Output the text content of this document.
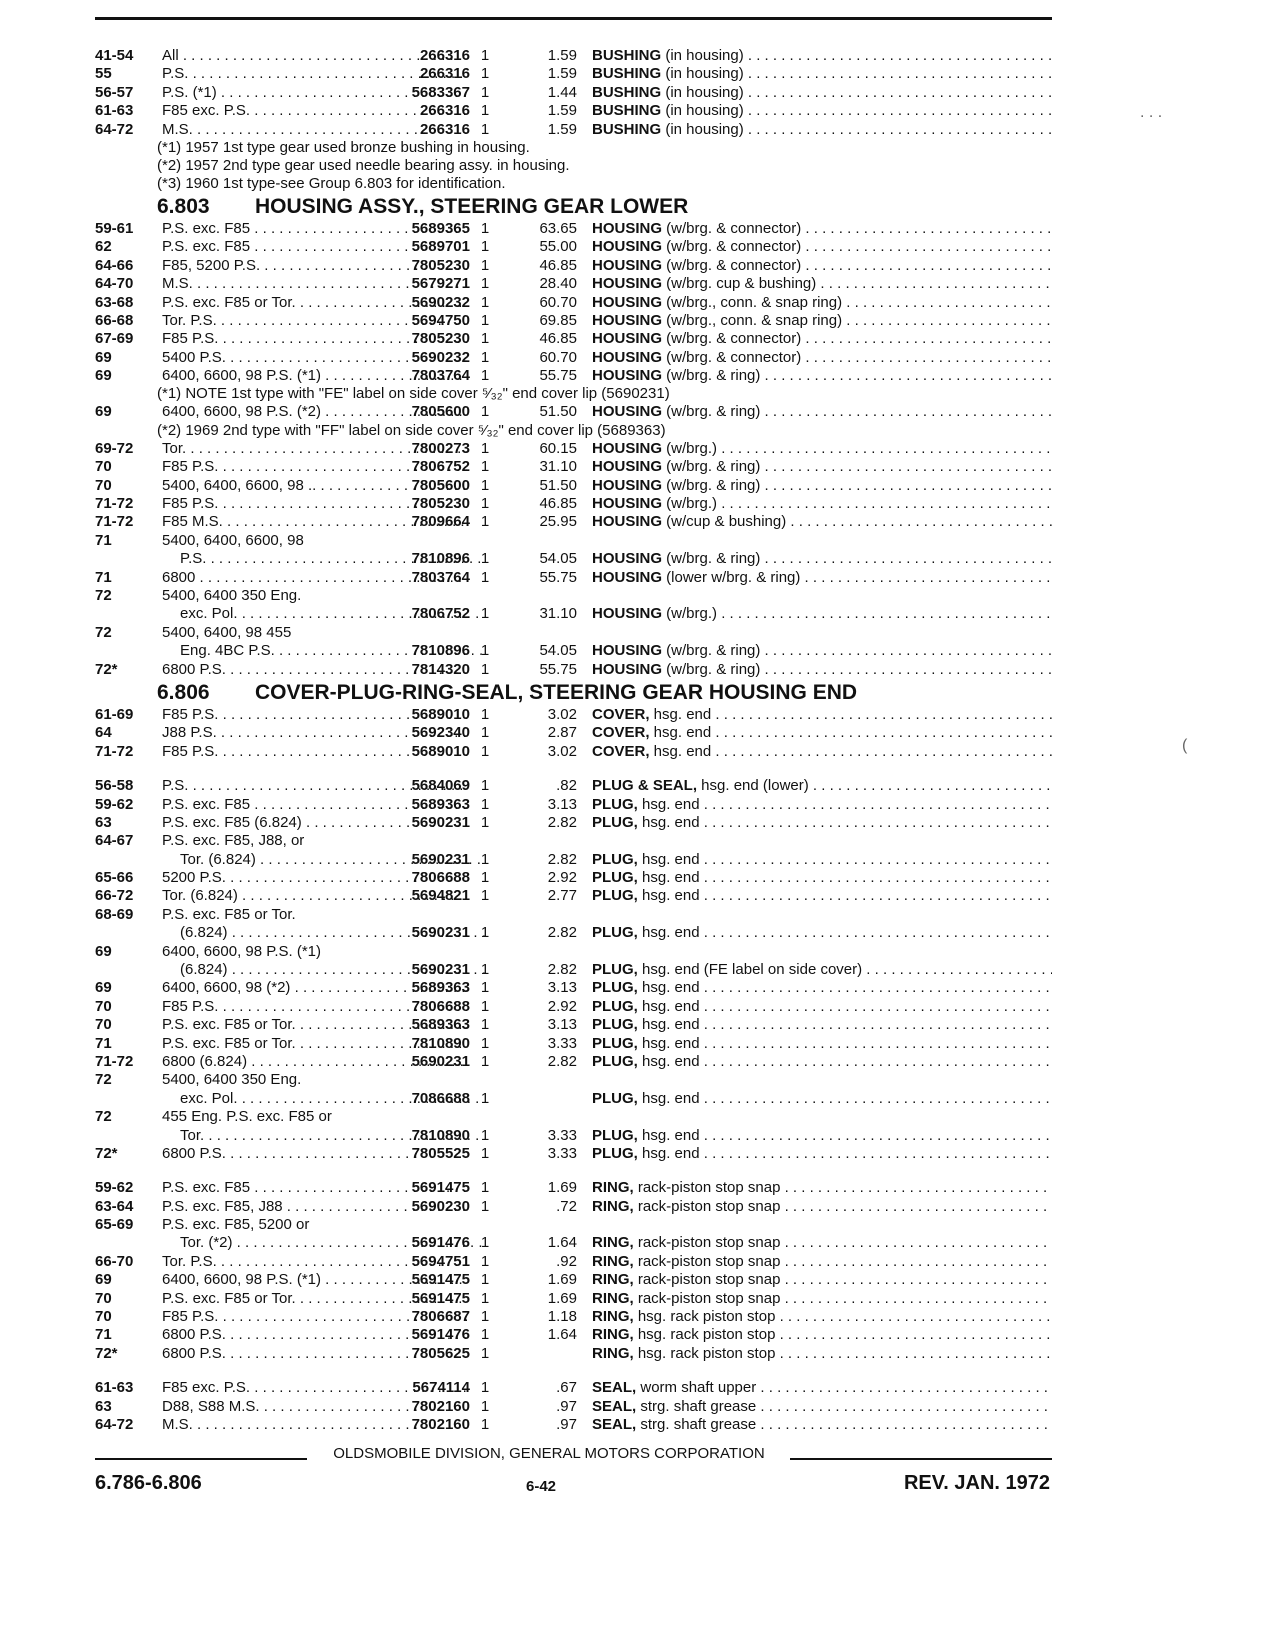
41-54	All . . .	266316 1	1.59 BUSHING (in housing) . . .
55	P.S. . . .	266316 1	1.59 BUSHING (in housing) . . .
56-57	P.S. (*1) . . .	5683367 1	1.44 BUSHING (in housing) . . .
61-63	F85 exc. P.S. . . .	266316 1	1.59 BUSHING (in housing) . . .
64-72	M.S. . . .	266316 1	1.59 BUSHING (in housing) . . .
(*1) 1957 1st type gear used bronze bushing in housing.
(*2) 1957 2nd type gear used needle bearing assy. in housing.
(*3) 1960 1st type-see Group 6.803 for identification.
6.803 HOUSING ASSY., STEERING GEAR LOWER
59-61	P.S. exc. F85 . . .	5689365 1	63.65 HOUSING (w/brg. & connector) . . .
62	P.S. exc. F85 . . .	5689701 1	55.00 HOUSING (w/brg. & connector) . . .
64-66	F85, 5200 P.S. . . .	7805230 1	46.85 HOUSING (w/brg. & connector) . . .
64-70	M.S. . . .	5679271 1	28.40 HOUSING (w/brg. cup & bushing) . . .
63-68	P.S. exc. F85 or Tor. . . .	5690232 1	60.70 HOUSING (w/brg., conn. & snap ring) . . .
66-68	Tor. P.S. . . .	5694750 1	69.85 HOUSING (w/brg., conn. & snap ring) . . .
67-69	F85 P.S. . . .	7805230 1	46.85 HOUSING (w/brg. & connector) . . .
69	5400 P.S. . . .	5690232 1	60.70 HOUSING (w/brg. & connector) . . .
69	6400, 6600, 98 P.S. (*1) . . .	7803764 1	55.75 HOUSING (w/brg. & ring) . . .
(*1) NOTE 1st type with "FE" label on side cover ⁵⁄₃₂" end cover lip (5690231)
69	6400, 6600, 98 P.S. (*2) . . .	7805600 1	51.50 HOUSING (w/brg. & ring) . . .
(*2) 1969 2nd type with "FF" label on side cover ⁵⁄₃₂" end cover lip (5689363)
69-72	Tor. . . .	7800273 1	60.15 HOUSING (w/brg.) . . .
70	F85 P.S. . . .	7806752 1	31.10 HOUSING (w/brg. & ring) . . .
70	5400, 6400, 6600, 98 .. . . .	7805600 1	51.50 HOUSING (w/brg. & ring) . . .
71-72	F85 P.S. . . .	7805230 1	46.85 HOUSING (w/brg.) . . .
71-72	F85 M.S. . . .	7809664 1	25.95 HOUSING (w/cup & bushing) . . .
71	5400, 6400, 6600, 98
P.S. . . .	7810896 1	54.05 HOUSING (w/brg. & ring) . . .
71	6800 . . .	7803764 1	55.75 HOUSING (lower w/brg. & ring) . . .
72	5400, 6400 350 Eng.
exc. Pol. . . .	7806752 1	31.10 HOUSING (w/brg.) . . .
72	5400, 6400, 98 455
Eng. 4BC P.S. . . .	7810896 1	54.05 HOUSING (w/brg. & ring) . . .
72*	6800 P.S. . . .	7814320 1	55.75 HOUSING (w/brg. & ring) . . .
6.806 COVER-PLUG-RING-SEAL, STEERING GEAR HOUSING END
61-69	F85 P.S. . . .	5689010 1	3.02 COVER, hsg. end . . .
64	J88 P.S. . . .	5692340 1	2.87 COVER, hsg. end . . .
71-72	F85 P.S. . . .	5689010 1	3.02 COVER, hsg. end . . .
56-58	P.S. . . .	5684069 1	.82 PLUG & SEAL, hsg. end (lower) . . .
59-62	P.S. exc. F85 . . .	5689363 1	3.13 PLUG, hsg. end . . .
63	P.S. exc. F85 (6.824) . . .	5690231 1	2.82 PLUG, hsg. end . . .
64-67	P.S. exc. F85, J88, or
Tor. (6.824) . . .	5690231 1	2.82 PLUG, hsg. end . . .
65-66	5200 P.S. . . .	7806688 1	2.92 PLUG, hsg. end . . .
66-72	Tor. (6.824) . . .	5694821 1	2.77 PLUG, hsg. end . . .
68-69	P.S. exc. F85 or Tor.
(6.824) . . .	5690231 1	2.82 PLUG, hsg. end . . .
69	6400, 6600, 98 P.S. (*1)
(6.824) . . .	5690231 1	2.82 PLUG, hsg. end (FE label on side cover) . . .
69	6400, 6600, 98 (*2) . . .	5689363 1	3.13 PLUG, hsg. end . . .
70	F85 P.S. . . .	7806688 1	2.92 PLUG, hsg. end . . .
70	P.S. exc. F85 or Tor. . . .	5689363 1	3.13 PLUG, hsg. end . . .
71	P.S. exc. F85 or Tor. . . .	7810890 1	3.33 PLUG, hsg. end . . .
71-72	6800 (6.824) . . .	5690231 1	2.82 PLUG, hsg. end . . .
72	5400, 6400 350 Eng.
exc. Pol. . . .	7086688 1	PLUG, hsg. end . . .
72	455 Eng. P.S. exc. F85 or
Tor. . . .	7810890 1	3.33 PLUG, hsg. end . . .
72*	6800 P.S. . . .	7805525 1	3.33 PLUG, hsg. end . . .
59-62	P.S. exc. F85 . . .	5691475 1	1.69 RING, rack-piston stop snap . . .
63-64	P.S. exc. F85, J88 . . .	5690230 1	.72 RING, rack-piston stop snap . . .
65-69	P.S. exc. F85, 5200 or
Tor. (*2) . . .	5691476 1	1.64 RING, rack-piston stop snap . . .
66-70	Tor. P.S. . . .	5694751 1	.92 RING, rack-piston stop snap . . .
69	6400, 6600, 98 P.S. (*1) . . .	5691475 1	1.69 RING, rack-piston stop snap . . .
70	P.S. exc. F85 or Tor. . . .	5691475 1	1.69 RING, rack-piston stop snap . . .
70	F85 P.S. . . .	7806687 1	1.18 RING, hsg. rack piston stop . . .
71	6800 P.S. . . .	5691476 1	1.64 RING, hsg. rack piston stop . . .
72*	6800 P.S. . . .	7805625 1	RING, hsg. rack piston stop . . .
61-63	F85 exc. P.S. . . .	5674114 1	.67 SEAL, worm shaft upper . . .
63	D88, S88 M.S. . . .	7802160 1	.97 SEAL, strg. shaft grease . . .
64-72	M.S. . . .	7802160 1	.97 SEAL, strg. shaft grease . . .
OLDSMOBILE DIVISION, GENERAL MOTORS CORPORATION
6.786-6.806	6-42	REV. JAN. 1972
. . .
(
